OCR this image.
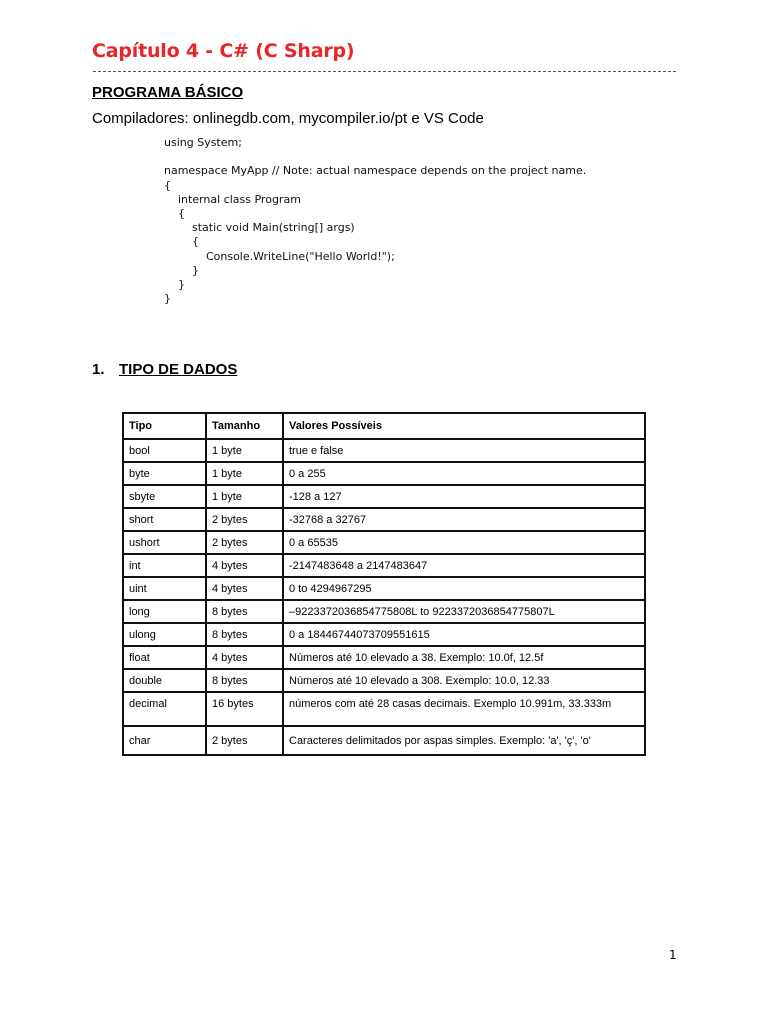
Capítulo 4 - C# (C Sharp)
PROGRAMA BÁSICO

Compiladores: onlinegdb.com, mycompiler.io/pt e VS Code

using System;
namespace MyApp // Note: actual namespace depends on the project name.
{
internal class Program
{
static void Main(string[] args)
{
Console.WriteLine("Hello World!");
}
}
}
1. TIPO DE DADOS
Tipo	Tamanho	Valores Possíveis
bool	1 byte	true e false
byte	1 byte	0 a 255
sbyte	1 byte	-128 a 127
short	2 bytes	-32768 a 32767
ushort	2 bytes	0 a 65535
int	4 bytes	-2147483648 a 2147483647
uint	4 bytes	0 to 4294967295
long	8 bytes	–9223372036854775808L to 9223372036854775807L
ulong	8 bytes	0 a 18446744073709551615
float	4 bytes	Números até 10 elevado a 38. Exemplo: 10.0f, 12.5f
double	8 bytes	Números até 10 elevado a 308. Exemplo: 10.0, 12.33
decimal	16 bytes	números com até 28 casas decimais. Exemplo 10.991m, 33.333m
char	2 bytes	Caracteres delimitados por aspas simples. Exemplo: 'a', 'ç', 'o'
1
